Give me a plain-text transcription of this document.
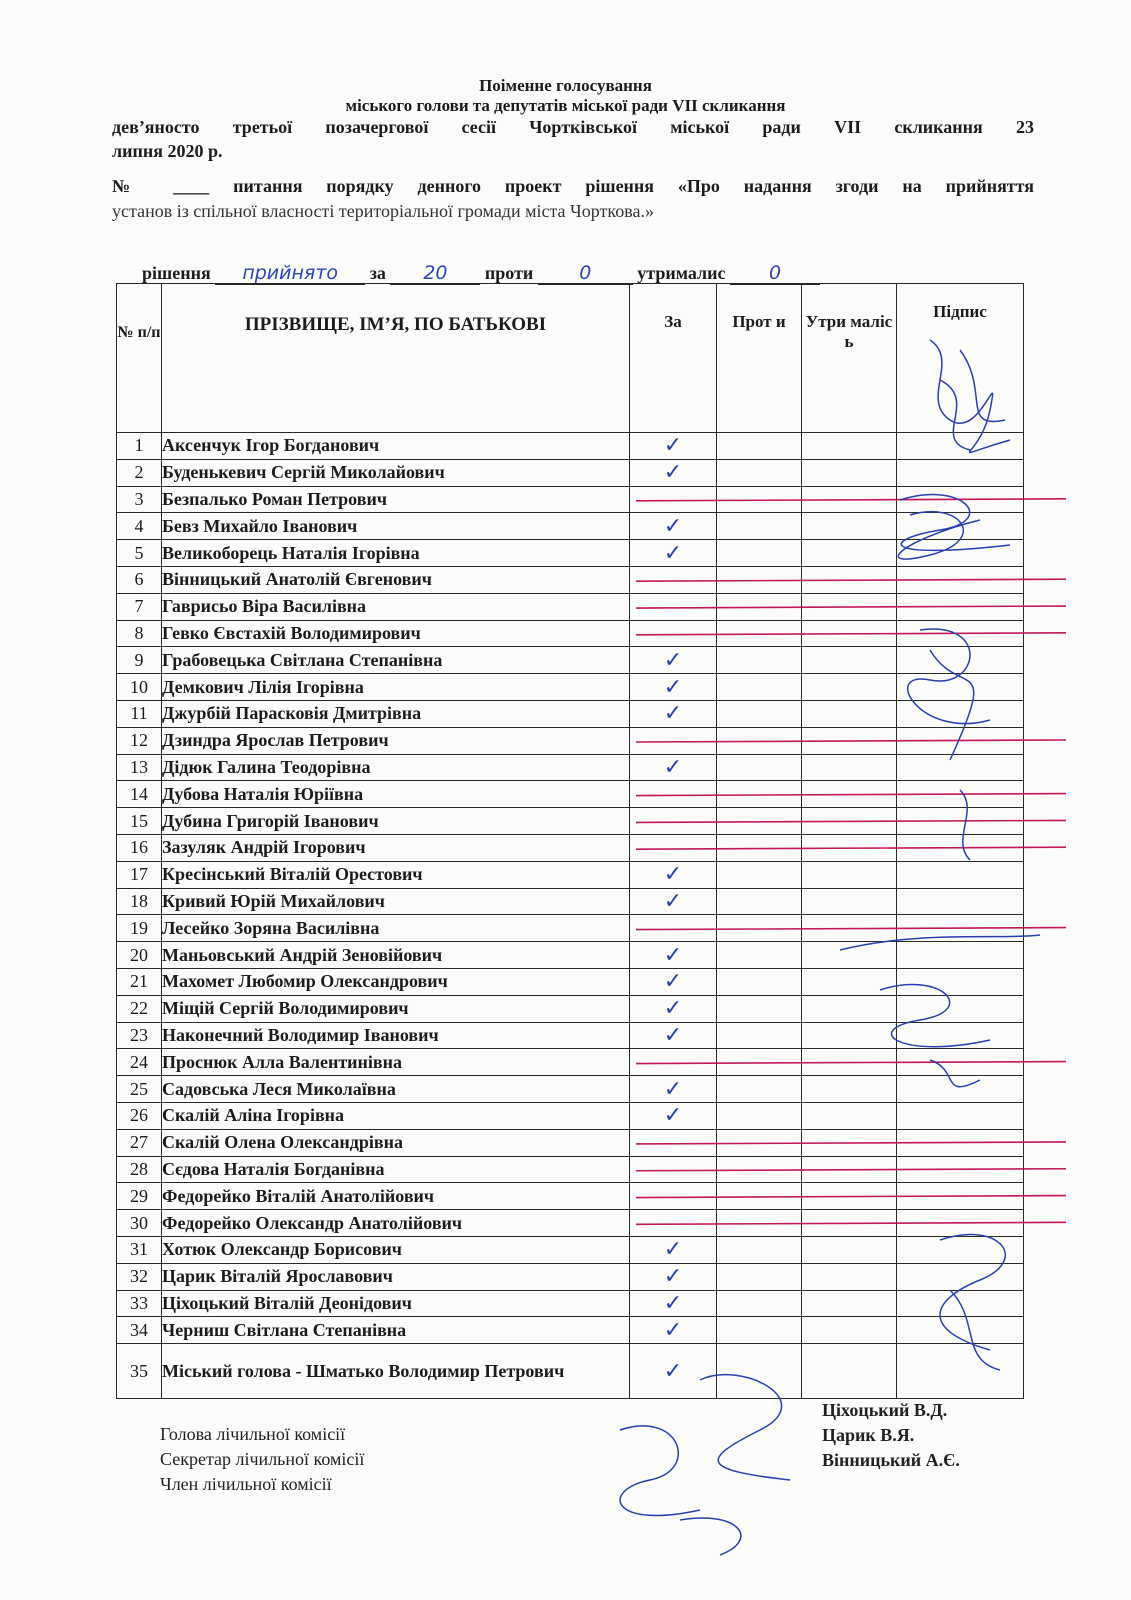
Поіменне голосування
міського голови та депутатів міської ради VII скликання
дев’яносто третьої позачергової сесії Чортківської міської ради VII скликання 23
липня 2020 р.
№ ____ питання порядку денного проект рішення «Про надання згоди на прийняття
установ із спільної власності територіальної громади міста Чорткова.»
рішення прийнято за 20 проти 0	утрималис 0
№ п/п	ПРІЗВИЩЕ, ІМ’Я, ПО БАТЬКОВІ	За	Прот и	Утри маліс ь	Підпис
1	Аксенчук Ігор Богданович	✓			
2	Буденькевич Сергій Миколайович	✓			
3	Безпалько Роман Петрович				
4	Бевз Михайло Іванович	✓			
5	Великоборець Наталія Ігорівна	✓			
6	Вінницький Анатолій Євгенович				
7	Гаврисьо Віра Василівна				
8	Гевко Євстахій Володимирович				
9	Грабовецька Світлана Степанівна	✓			
10	Демкович Лілія Ігорівна	✓			
11	Джурбій Парасковія Дмитрівна	✓			
12	Дзиндра Ярослав Петрович				
13	Дідюк Галина Теодорівна	✓			
14	Дубова Наталія Юріївна				
15	Дубина Григорій Іванович				
16	Зазуляк Андрій Ігорович				
17	Кресінський Віталій Орестович	✓			
18	Кривий Юрій Михайлович	✓			
19	Лесейко Зоряна Василівна				
20	Маньовський Андрій Зеновійович	✓			
21	Махомет Любомир Олександрович	✓			
22	Міщій Сергій Володимирович	✓			
23	Наконечний Володимир Іванович	✓			
24	Проснюк Алла Валентинівна				
25	Садовська Леся Миколаївна	✓			
26	Скалій Аліна Ігорівна	✓			
27	Скалій Олена Олександрівна				
28	Сєдова Наталія Богданівна				
29	Федорейко Віталій Анатолійович				
30	Федорейко Олександр Анатолійович				
31	Хотюк Олександр Борисович	✓			
32	Царик Віталій Ярославович	✓			
33	Ціхоцький Віталій Деонідович	✓			
34	Черниш Світлана Степанівна	✓			
35	Міський голова - Шматько Володимир Петрович	✓			
Голова лічильної комісії
Секретар лічильної комісії
Член лічильної комісії
Ціхоцький В.Д.
Царик В.Я.
Вінницький А.Є.
